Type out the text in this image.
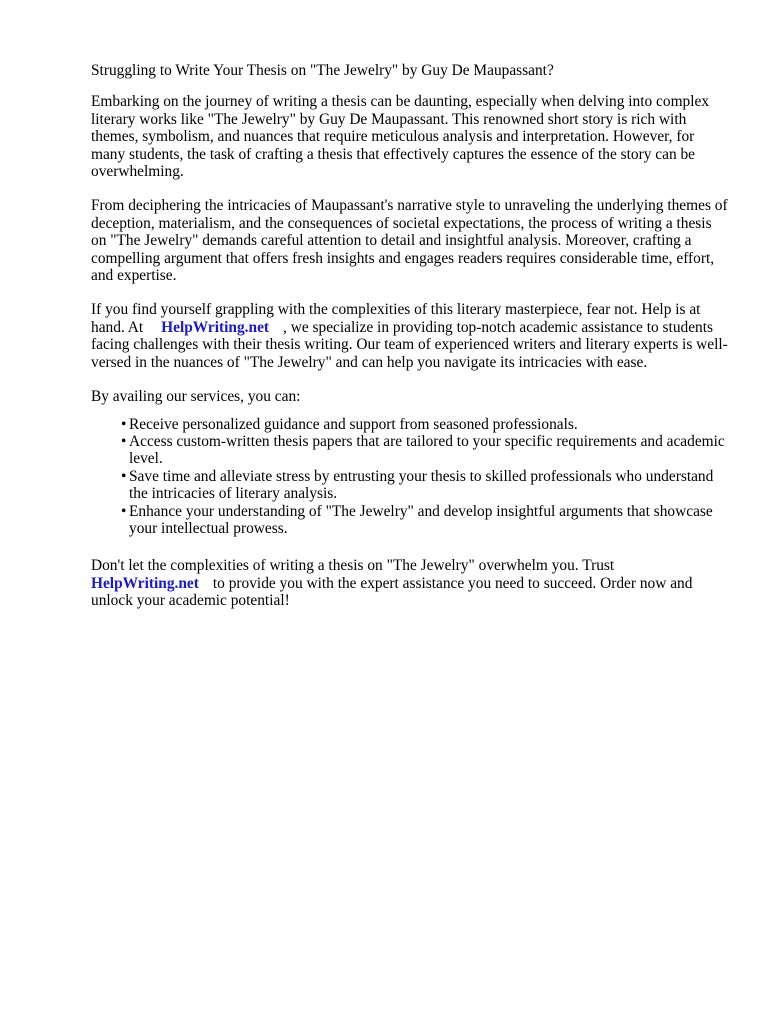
Struggling to Write Your Thesis on "The Jewelry" by Guy De Maupassant?

Embarking on the journey of writing a thesis can be daunting, especially when delving into complex literary works like "The Jewelry" by Guy De Maupassant. This renowned short story is rich with themes, symbolism, and nuances that require meticulous analysis and interpretation. However, for many students, the task of crafting a thesis that effectively captures the essence of the story can be overwhelming.

From deciphering the intricacies of Maupassant's narrative style to unraveling the underlying themes of deception, materialism, and the consequences of societal expectations, the process of writing a thesis on "The Jewelry" demands careful attention to detail and insightful analysis. Moreover, crafting a compelling argument that offers fresh insights and engages readers requires considerable time, effort, and expertise.

If you find yourself grappling with the complexities of this literary masterpiece, fear not. Help is at hand. At HelpWriting.net , we specialize in providing top-notch academic assistance to students facing challenges with their thesis writing. Our team of experienced writers and literary experts is well-versed in the nuances of "The Jewelry" and can help you navigate its intricacies with ease.

By availing our services, you can:

• Receive personalized guidance and support from seasoned professionals.
• Access custom-written thesis papers that are tailored to your specific requirements and academic level.
• Save time and alleviate stress by entrusting your thesis to skilled professionals who understand the intricacies of literary analysis.
• Enhance your understanding of "The Jewelry" and develop insightful arguments that showcase your intellectual prowess.

Don't let the complexities of writing a thesis on "The Jewelry" overwhelm you. Trust
HelpWriting.net to provide you with the expert assistance you need to succeed. Order now and unlock your academic potential!
